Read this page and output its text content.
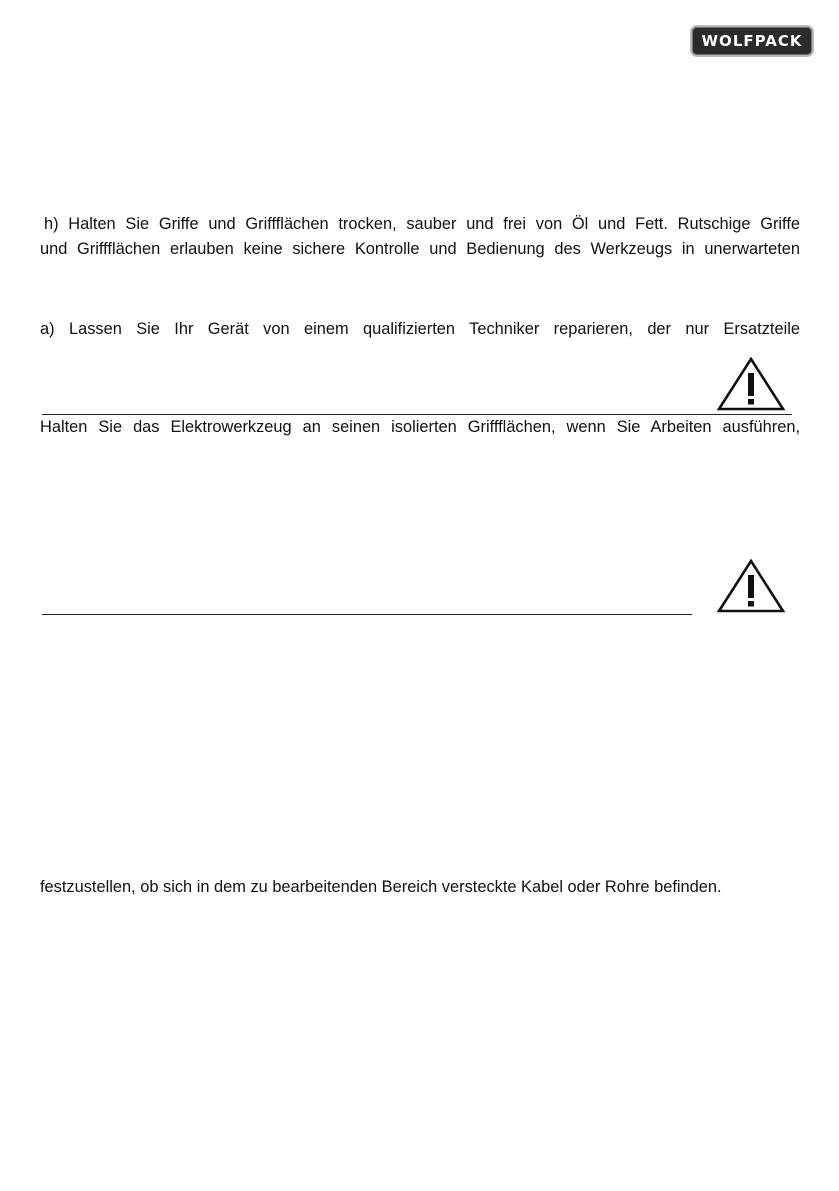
WOLFPACK
h) Halten Sie Griffe und Griffflächen trocken, sauber und frei von Öl und Fett. Rutschige Griffe
und Griffflächen erlauben keine sichere Kontrolle und Bedienung des Werkzeugs in unerwarteten
a) Lassen Sie Ihr Gerät von einem qualifizierten Techniker reparieren, der nur Ersatzteile
Halten Sie das Elektrowerkzeug an seinen isolierten Griffflächen, wenn Sie Arbeiten ausführen,
festzustellen, ob sich in dem zu bearbeitenden Bereich versteckte Kabel oder Rohre befinden.
